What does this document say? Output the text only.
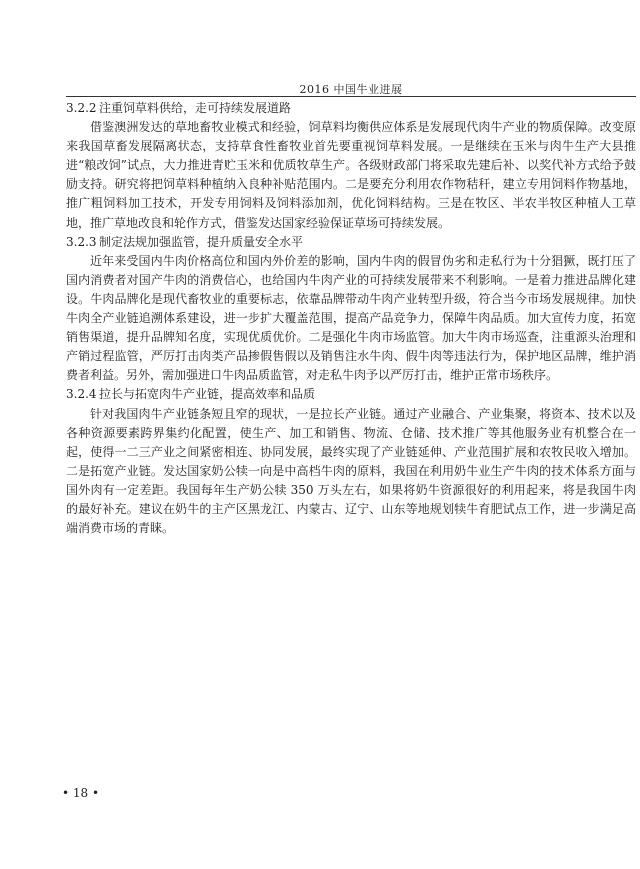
2016 中国牛业进展

3.2.2 注重饲草料供给，走可持续发展道路

借鉴澳洲发达的草地畜牧业模式和经验，饲草料均衡供应体系是发展现代肉牛产业的物质保障。改变原来我国草畜发展隔离状态，支持草食性畜牧业首先要重视饲草料发展。一是继续在玉米与肉牛生产大县推进“粮改饲”试点，大力推进青贮玉米和优质牧草生产。各级财政部门将采取先建后补、以奖代补方式给予鼓励支持。研究将把饲草料种植纳入良种补贴范围内。二是要充分利用农作物秸秆，建立专用饲料作物基地，推广粗饲料加工技术，开发专用饲料及饲料添加剂，优化饲料结构。三是在牧区、半农半牧区种植人工草地，推广草地改良和轮作方式，借鉴发达国家经验保证草场可持续发展。

3.2.3 制定法规加强监管，提升质量安全水平

近年来受国内牛肉价格高位和国内外价差的影响，国内牛肉的假冒伪劣和走私行为十分猖獗，既打压了国内消费者对国产牛肉的消费信心，也给国内牛肉产业的可持续发展带来不利影响。一是着力推进品牌化建设。牛肉品牌化是现代畜牧业的重要标志，依靠品牌带动牛肉产业转型升级，符合当今市场发展规律。加快牛肉全产业链追溯体系建设，进一步扩大覆盖范围，提高产品竞争力，保障牛肉品质。加大宣传力度，拓宽销售渠道，提升品牌知名度，实现优质优价。二是强化牛肉市场监管。加大牛肉市场巡查，注重源头治理和产销过程监管，严厉打击肉类产品掺假售假以及销售注水牛肉、假牛肉等违法行为，保护地区品牌，维护消费者利益。另外，需加强进口牛肉品质监管，对走私牛肉予以严厉打击，维护正常市场秩序。

3.2.4 拉长与拓宽肉牛产业链，提高效率和品质

针对我国肉牛产业链条短且窄的现状，一是拉长产业链。通过产业融合、产业集聚，将资本、技术以及各种资源要素跨界集约化配置，使生产、加工和销售、物流、仓储、技术推广等其他服务业有机整合在一起，使得一二三产业之间紧密相连、协同发展，最终实现了产业链延伸、产业范围扩展和农牧民收入增加。二是拓宽产业链。发达国家奶公犊一向是中高档牛肉的原料，我国在利用奶牛业生产牛肉的技术体系方面与国外肉有一定差距。我国每年生产奶公犊 350 万头左右，如果将奶牛资源很好的利用起来，将是我国牛肉的最好补充。建议在奶牛的主产区黑龙江、内蒙古、辽宁、山东等地规划犊牛育肥试点工作，进一步满足高端消费市场的青睐。

·
• 18 •
